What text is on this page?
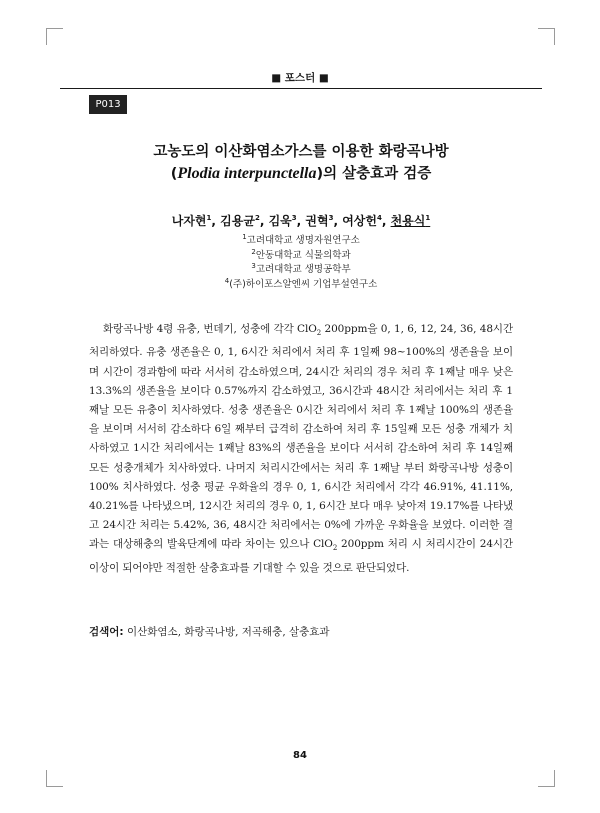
■ 포스터 ■
P013
고농도의 이산화염소가스를 이용한 화랑곡나방
(Plodia interpunctella)의 살충효과 검증
나자현$^1$, 김용균$^2$, 김욱$^3$, 권혁$^3$, 여상헌$^4$, 천용식$^1$
$^1$고려대학교 생명자원연구소
$^2$안동대학교 식물의학과
$^3$고려대학교 생명공학부
$^4$(주)하이포스알엔씨 기업부설연구소

화랑곡나방 4령 유충, 번데기, 성충에 각각 ClO$_2$ 200ppm을 0, 1, 6, 12, 24, 36, 48시간 처리하였다. 유충 생존율은 0, 1, 6시간 처리에서 처리 후 1일째 98~100%의 생존율을 보이며 시간이 경과함에 따라 서서히 감소하였으며, 24시간 처리의 경우 처리 후 1째날 매우 낮은 13.3%의 생존율을 보이다 0.57%까지 감소하였고, 36시간과 48시간 처리에서는 처리 후 1째날 모든 유충이 치사하였다. 성충 생존율은 0시간 처리에서 처리 후 1째날 100%의 생존율을 보이며 서서히 감소하다 6일 째부터 급격히 감소하여 처리 후 15일째 모든 성충 개체가 치사하였고 1시간 처리에서는 1째날 83%의 생존율을 보이다 서서히 감소하여 처리 후 14일째 모든 성충개체가 치사하였다. 나머지 처리시간에서는 처리 후 1째날 부터 화랑곡나방 성충이 100% 치사하였다. 성충 평균 우화율의 경우 0, 1, 6시간 처리에서 각각 46.91%, 41.11%, 40.21%를 나타냈으며, 12시간 처리의 경우 0, 1, 6시간 보다 매우 낮아져 19.17%를 나타냈고 24시간 처리는 5.42%, 36, 48시간 처리에서는 0%에 가까운 우화율을 보였다. 이러한 결과는 대상해충의 발육단계에 따라 차이는 있으나 ClO$_2$ 200ppm 처리 시 처리시간이 24시간 이상이 되어야만 적절한 살충효과를 기대할 수 있을 것으로 판단되었다.

검색어: 이산화염소, 화랑곡나방, 저곡해충, 살충효과

84
